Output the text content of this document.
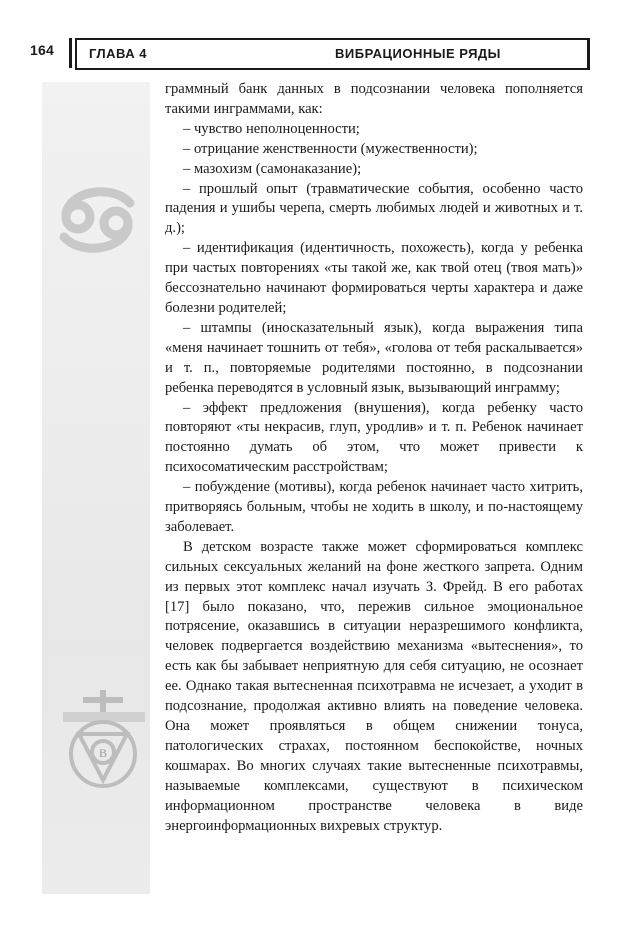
164	ГЛАВА 4	ВИБРАЦИОННЫЕ РЯДЫ
B

граммный банк данных в подсознании человека пополняется такими инграммами, как:

– чувство неполноценности;

– отрицание женственности (мужественности);

– мазохизм (самонаказание);

– прошлый опыт (травматические события, особенно часто падения и ушибы черепа, смерть любимых людей и животных и т. д.);

– идентификация (идентичность, похожесть), когда у ребенка при частых повторениях «ты такой же, как твой отец (твоя мать)» бессознательно начинают формироваться черты характера и даже болезни родителей;

– штампы (иносказательный язык), когда выражения типа «меня начинает тошнить от тебя», «голова от тебя раскалывается» и т. п., повторяемые родителями постоянно, в подсознании ребенка переводятся в условный язык, вызывающий инграмму;

– эффект предложения (внушения), когда ребенку часто повторяют «ты некрасив, глуп, уродлив» и т. п. Ребенок начинает постоянно думать об этом, что может привести к психосоматическим расстройствам;

– побуждение (мотивы), когда ребенок начинает часто хитрить, притворяясь больным, чтобы не ходить в школу, и по-настоящему заболевает.

В детском возрасте также может сформироваться комплекс сильных сексуальных желаний на фоне жесткого запрета. Одним из первых этот комплекс начал изучать З. Фрейд. В его работах [17] было показано, что, пережив сильное эмоциональное потрясение, оказавшись в ситуации неразрешимого конфликта, человек подвергается воздействию механизма «вытеснения», то есть как бы забывает неприятную для себя ситуацию, не осознает ее. Однако такая вытесненная психотравма не исчезает, а уходит в подсознание, продолжая активно влиять на поведение человека. Она может проявляться в общем снижении тонуса, патологических страхах, постоянном беспокойстве, ночных кошмарах. Во многих случаях такие вытесненные психотравмы, называемые комплексами, существуют в психическом информационном пространстве человека в виде энергоинформационных вихревых структур.
